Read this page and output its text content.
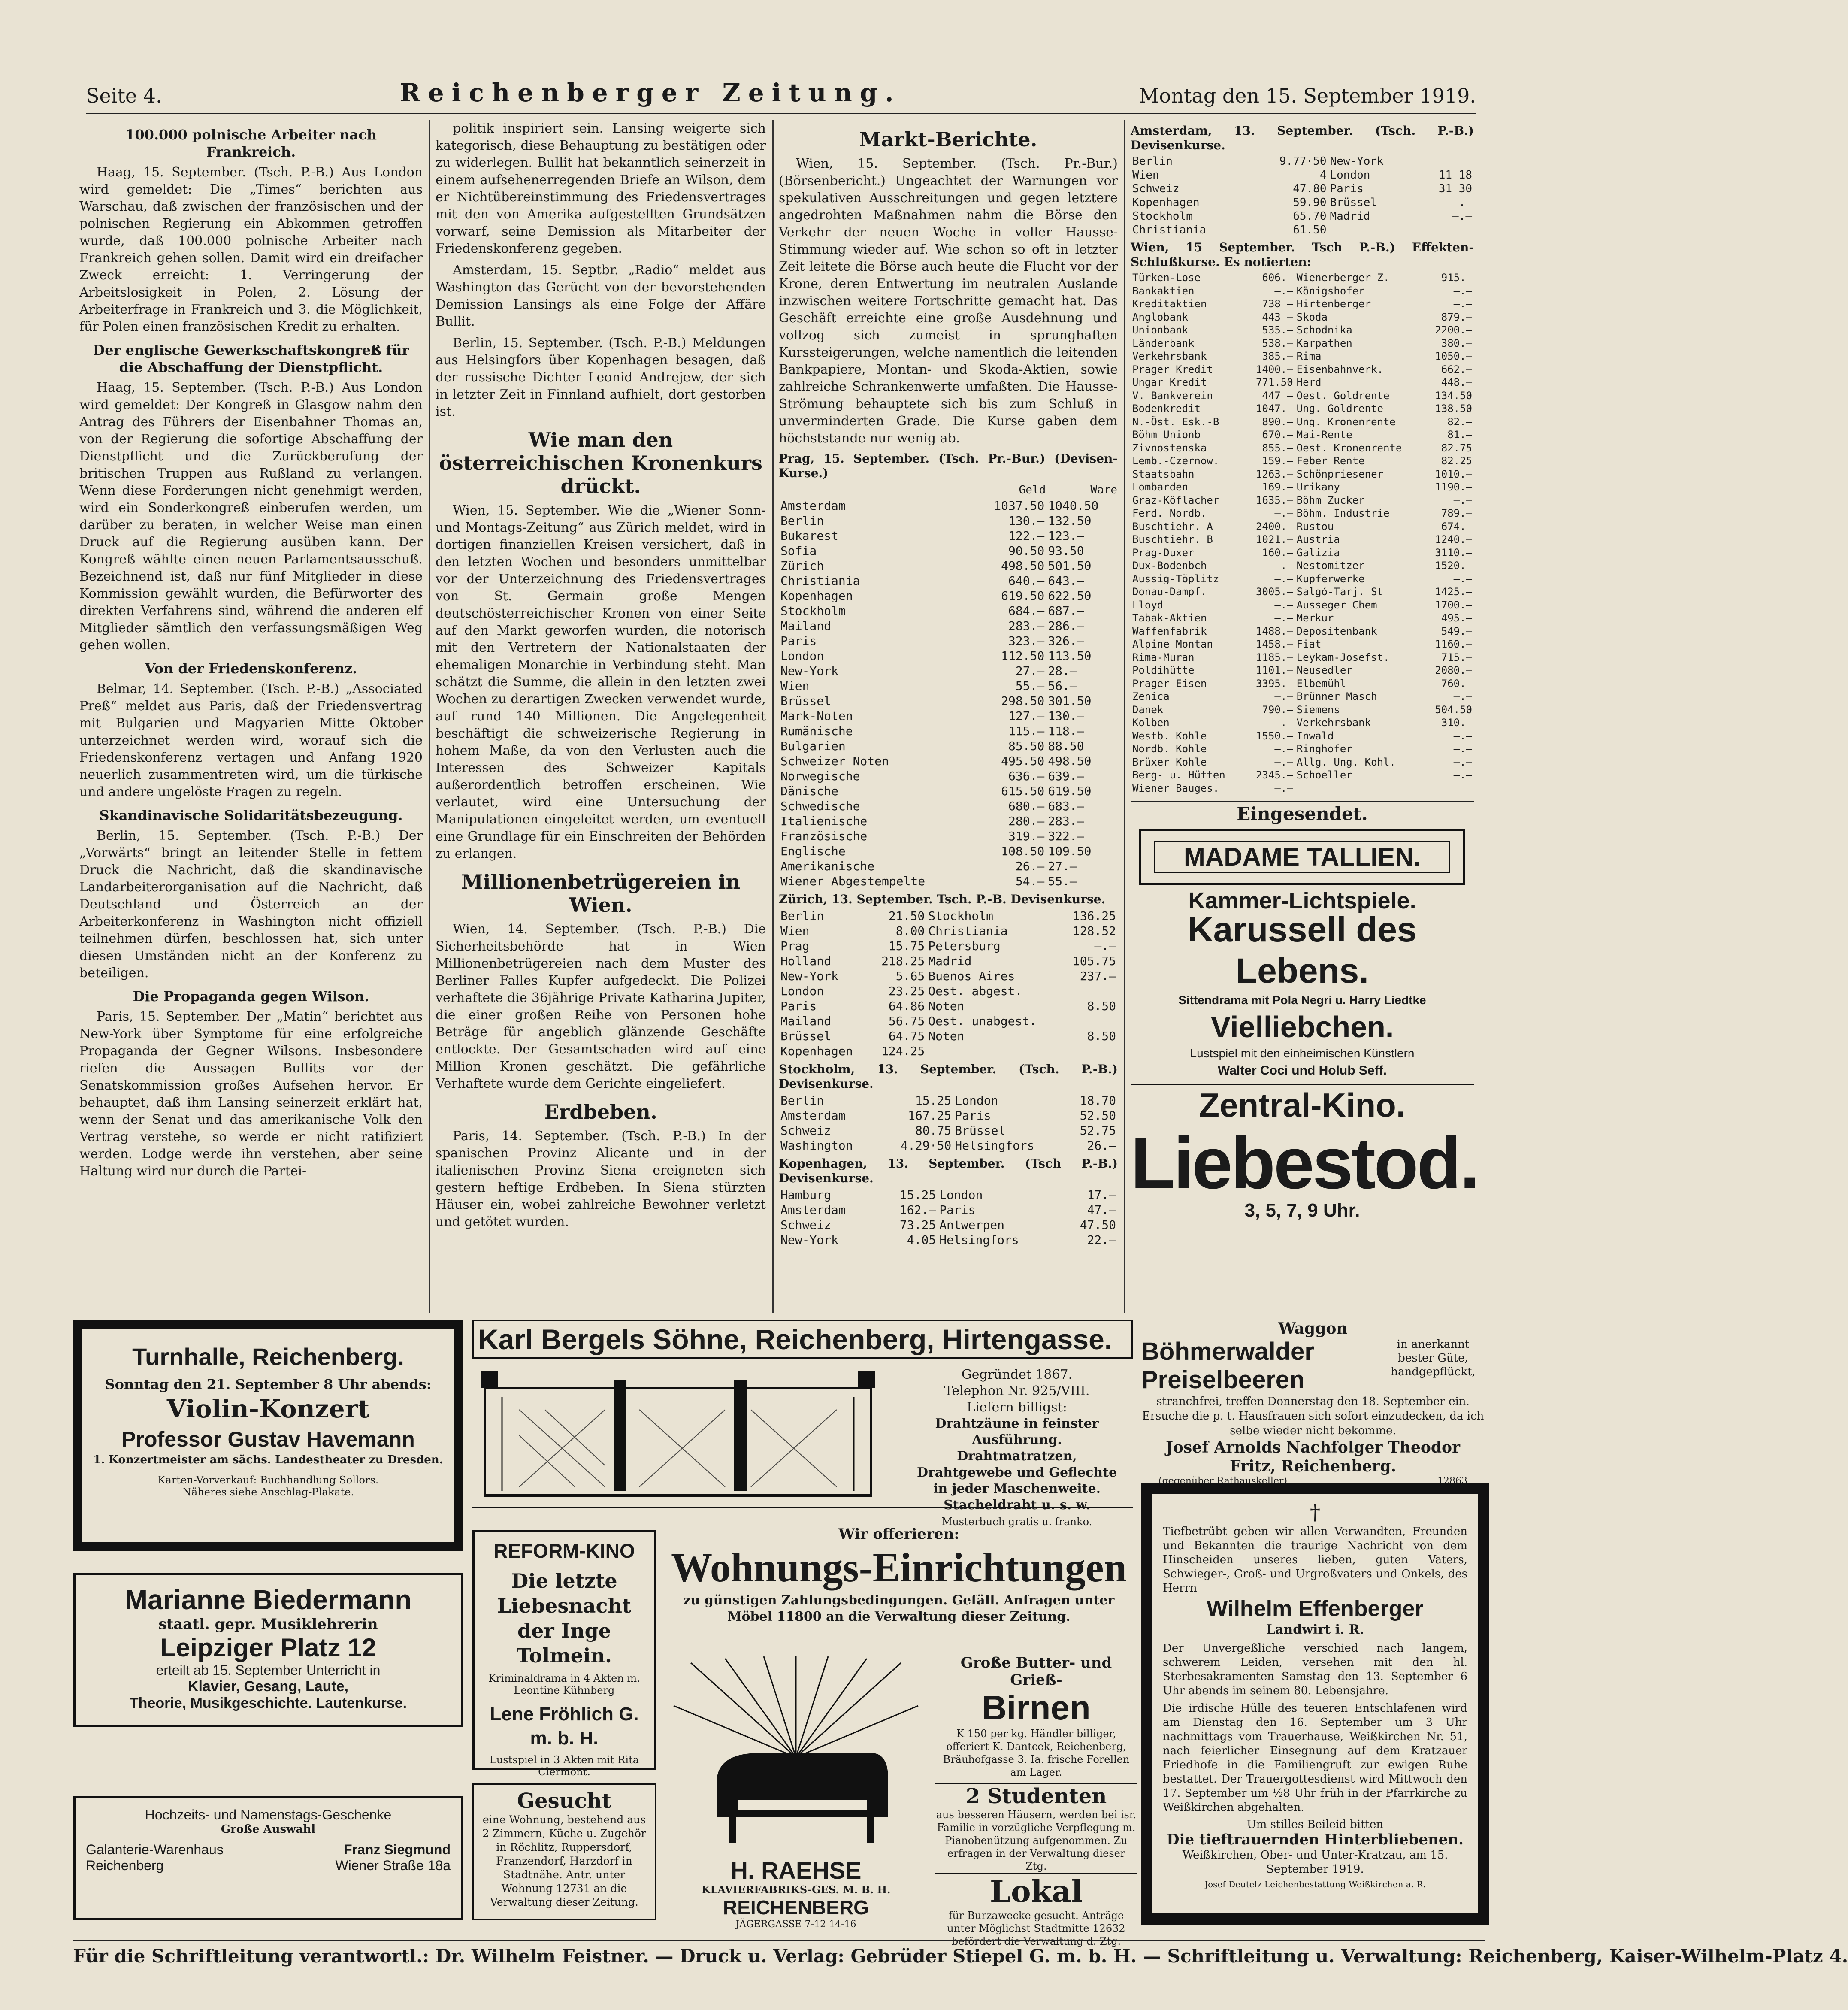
Seite 4.	Reichenberger Zeitung.	Montag den 15. September 1919.
100.000 polnische Arbeiter nach Frankreich.

Haag, 15. September. (Tsch. P.-B.) Aus London wird gemeldet: Die „Times“ berichten aus Warschau, daß zwischen der französischen und der polnischen Regierung ein Abkommen getroffen wurde, daß 100.000 polnische Arbeiter nach Frankreich gehen sollen. Damit wird ein dreifacher Zweck erreicht: 1. Verringerung der Arbeitslosigkeit in Polen, 2. Lösung der Arbeiterfrage in Frankreich und 3. die Möglichkeit, für Polen einen französischen Kredit zu erhalten.

Der englische Gewerkschaftskongreß für die Abschaffung der Dienstpflicht.

Haag, 15. September. (Tsch. P.-B.) Aus London wird gemeldet: Der Kongreß in Glasgow nahm den Antrag des Führers der Eisenbahner Thomas an, von der Regierung die sofortige Abschaffung der Dienstpflicht und die Zurückberufung der britischen Truppen aus Rußland zu verlangen. Wenn diese Forderungen nicht genehmigt werden, wird ein Sonderkongreß einberufen werden, um darüber zu beraten, in welcher Weise man einen Druck auf die Regierung ausüben kann. Der Kongreß wählte einen neuen Parlamentsausschuß. Bezeichnend ist, daß nur fünf Mitglieder in diese Kommission gewählt wurden, die Befürworter des direkten Verfahrens sind, während die anderen elf Mitglieder sämtlich den verfassungsmäßigen Weg gehen wollen.

Von der Friedenskonferenz.

Belmar, 14. September. (Tsch. P.-B.) „Associated Preß“ meldet aus Paris, daß der Friedensvertrag mit Bulgarien und Magyarien Mitte Oktober unterzeichnet werden wird, worauf sich die Friedenskonferenz vertagen und Anfang 1920 neuerlich zusammentreten wird, um die türkische und andere ungelöste Fragen zu regeln.

Skandinavische Solidaritätsbezeugung.

Berlin, 15. September. (Tsch. P.-B.) Der „Vorwärts“ bringt an leitender Stelle in fettem Druck die Nachricht, daß die skandinavische Landarbeiterorganisation auf die Nachricht, daß Deutschland und Österreich an der Arbeiterkonferenz in Washington nicht offiziell teilnehmen dürfen, beschlossen hat, sich unter diesen Umständen nicht an der Konferenz zu beteiligen.

Die Propaganda gegen Wilson.

Paris, 15. September. Der „Matin“ berichtet aus New-York über Symptome für eine erfolgreiche Propaganda der Gegner Wilsons. Insbesondere riefen die Aussagen Bullits vor der Senatskommission großes Aufsehen hervor. Er behauptet, daß ihm Lansing seinerzeit erklärt hat, wenn der Senat und das amerikanische Volk den Vertrag verstehe, so werde er nicht ratifiziert werden. Lodge werde ihn verstehen, aber seine Haltung wird nur durch die Partei-

politik inspiriert sein. Lansing weigerte sich kategorisch, diese Behauptung zu bestätigen oder zu widerlegen. Bullit hat bekanntlich seinerzeit in einem aufsehenerregenden Briefe an Wilson, dem er Nichtübereinstimmung des Friedensvertrages mit den von Amerika aufgestellten Grundsätzen vorwarf, seine Demission als Mitarbeiter der Friedenskonferenz gegeben.

Amsterdam, 15. Septbr. „Radio“ meldet aus Washington das Gerücht von der bevorstehenden Demission Lansings als eine Folge der Affäre Bullit.

Berlin, 15. September. (Tsch. P.-B.) Meldungen aus Helsingfors über Kopenhagen besagen, daß der russische Dichter Leonid Andrejew, der sich in letzter Zeit in Finnland aufhielt, dort gestorben ist.

Wie man den österreichischen Kronenkurs drückt.

Wien, 15. September. Wie die „Wiener Sonn- und Montags-Zeitung“ aus Zürich meldet, wird in dortigen finanziellen Kreisen versichert, daß in den letzten Wochen und besonders unmittelbar vor der Unterzeichnung des Friedensvertrages von St. Germain große Mengen deutschösterreichischer Kronen von einer Seite auf den Markt geworfen wurden, die notorisch mit den Vertretern der Nationalstaaten der ehemaligen Monarchie in Verbindung steht. Man schätzt die Summe, die allein in den letzten zwei Wochen zu derartigen Zwecken verwendet wurde, auf rund 140 Millionen. Die Angelegenheit beschäftigt die schweizerische Regierung in hohem Maße, da von den Verlusten auch die Interessen des Schweizer Kapitals außerordentlich betroffen erscheinen. Wie verlautet, wird eine Untersuchung der Manipulationen eingeleitet werden, um eventuell eine Grundlage für ein Einschreiten der Behörden zu erlangen.

Millionenbetrügereien in Wien.

Wien, 14. September. (Tsch. P.-B.) Die Sicherheitsbehörde hat in Wien Millionenbetrügereien nach dem Muster des Berliner Falles Kupfer aufgedeckt. Die Polizei verhaftete die 36jährige Private Katharina Jupiter, die einer großen Reihe von Personen hohe Beträge für angeblich glänzende Geschäfte entlockte. Der Gesamtschaden wird auf eine Million Kronen geschätzt. Die gefährliche Verhaftete wurde dem Gerichte eingeliefert.

Erdbeben.

Paris, 14. September. (Tsch. P.-B.) In der spanischen Provinz Alicante und in der italienischen Provinz Siena ereigneten sich gestern heftige Erdbeben. In Siena stürzten Häuser ein, wobei zahlreiche Bewohner verletzt und getötet wurden.

Markt-Berichte.

Wien, 15. September. (Tsch. Pr.-Bur.) (Börsenbericht.) Ungeachtet der Warnungen vor spekulativen Ausschreitungen und gegen letztere angedrohten Maßnahmen nahm die Börse den Verkehr der neuen Woche in voller Hausse-Stimmung wieder auf. Wie schon so oft in letzter Zeit leitete die Börse auch heute die Flucht vor der Krone, deren Entwertung im neutralen Auslande inzwischen weitere Fortschritte gemacht hat. Das Geschäft erreichte eine große Ausdehnung und vollzog sich zumeist in sprunghaften Kurssteigerungen, welche namentlich die leitenden Bankpapiere, Montan- und Skoda-Aktien, sowie zahlreiche Schrankenwerte umfaßten. Die Hausse-Strömung behauptete sich bis zum Schluß in unverminderten Grade. Die Kurse gaben dem höchststande nur wenig ab.

Prag, 15. September. (Tsch. Pr.-Bur.) (Devisen-Kurse.)
	Geld	Ware
Amsterdam	1037.50	1040.50
Berlin	130.—	132.50
Bukarest	122.—	123.—
Sofia	90.50	93.50
Zürich	498.50	501.50
Christiania	640.—	643.—
Kopenhagen	619.50	622.50
Stockholm	684.—	687.—
Mailand	283.—	286.—
Paris	323.—	326.—
London	112.50	113.50
New-York	27.—	28.—
Wien	55.—	56.—
Brüssel	298.50	301.50
Mark-Noten	127.—	130.—
Rumänische	115.—	118.—
Bulgarien	85.50	88.50
Schweizer Noten	495.50	498.50
Norwegische	636.—	639.—
Dänische	615.50	619.50
Schwedische	680.—	683.—
Italienische	280.—	283.—
Französische	319.—	322.—
Englische	108.50	109.50
Amerikanische	26.—	27.—
Wiener Abgestempelte	54.—	55.—
Zürich, 13. September. Tsch. P.-B. Devisenkurse.
Berlin	21.50	Stockholm	136.25
Wien	8.00	Christiania	128.52
Prag	15.75	Petersburg	—.—
Holland	218.25	Madrid	105.75
New-York	5.65	Buenos Aires	237.—
London	23.25	Oest. abgest.	
Paris	64.86	Noten	8.50
Mailand	56.75	Oest. unabgest.	
Brüssel	64.75	Noten	8.50
Kopenhagen	124.25		
Stockholm, 13. September. (Tsch. P.-B.) Devisenkurse.
Berlin	15.25	London	18.70
Amsterdam	167.25	Paris	52.50
Schweiz	80.75	Brüssel	52.75
Washington	4.29·50	Helsingfors	26.—
Kopenhagen, 13. September. (Tsch P.-B.) Devisenkurse.
Hamburg	15.25	London	17.—
Amsterdam	162.—	Paris	47.—
Schweiz	73.25	Antwerpen	47.50
New-York	4.05	Helsingfors	22.—
Amsterdam, 13. September. (Tsch. P.-B.) Devisenkurse.
Berlin	9.77·50	New-York	
Wien	4	London	11 18
Schweiz	47.80	Paris	31 30
Kopenhagen	59.90	Brüssel	—.—
Stockholm	65.70	Madrid	—.—
Christiania	61.50		
Wien, 15 September. Tsch P.-B.) Effekten-Schlußkurse. Es notierten:
Türken-Lose	606.—	Wienerberger Z.	915.—
Bankaktien	—.—	Königshofer	—.—
Kreditaktien	738 —	Hirtenberger	—.—
Anglobank	443 —	Skoda	879.—
Unionbank	535.—	Schodnika	2200.—
Länderbank	538.—	Karpathen	380.—
Verkehrsbank	385.—	Rima	1050.—
Prager Kredit	1400.—	Eisenbahnverk.	662.—
Ungar Kredit	771.50	Herd	448.—
V. Bankverein	447 —	Oest. Goldrente	134.50
Bodenkredit	1047.—	Ung. Goldrente	138.50
N.-Öst. Esk.-B	890.—	Ung. Kronenrente	82.—
Böhm Unionb	670.—	Mai-Rente	81.—
Zivnostenska	855.—	Oest. Kronenrente	82.75
Lemb.-Czernow.	159.—	Feber Rente	82.25
Staatsbahn	1263.—	Schönpriesener	1010.—
Lombarden	169.—	Urikany	1190.—
Graz-Köflacher	1635.—	Böhm Zucker	—.—
Ferd. Nordb.	—.—	Böhm. Industrie	789.—
Buschtiehr. A	2400.—	Rustou	674.—
Buschtiehr. B	1021.—	Austria	1240.—
Prag-Duxer	160.—	Galizia	3110.—
Dux-Bodenbch	—.—	Nestomitzer	1520.—
Aussig-Töplitz	—.—	Kupferwerke	—.—
Donau-Dampf.	3005.—	Salgó-Tarj. St	1425.—
Lloyd	—.—	Ausseger Chem	1700.—
Tabak-Aktien	—.—	Merkur	495.—
Waffenfabrik	1488.—	Depositenbank	549.—
Alpine Montan	1458.—	Fiat	1160.—
Rima-Muran	1185.—	Leykam-Josefst.	715.—
Poldihütte	1101.—	Neusedler	2080.—
Prager Eisen	3395.—	Elbemühl	760.—
Zenica	—.—	Brünner Masch	—.—
Danek	790.—	Siemens	504.50
Kolben	—.—	Verkehrsbank	310.—
Westb. Kohle	1550.—	Inwald	—.—
Nordb. Kohle	—.—	Ringhofer	—.—
Brüxer Kohle	—.—	Allg. Ung. Kohl.	—.—
Berg- u. Hütten	2345.—	Schoeller	—.—
Wiener Bauges.	—.—		
Eingesendet.
MADAME TALLIEN.
Kammer-Lichtspiele.
Karussell des Lebens.
Sittendrama mit Pola Negri u. Harry Liedtke
Vielliebchen.
Lustspiel mit den einheimischen Künstlern
Walter Coci und Holub Seff.
Zentral-Kino.
Liebestod.
3, 5, 7, 9 Uhr.
Turnhalle, Reichenberg.
Sonntag den 21. September 8 Uhr abends:
Violin-Konzert
Professor Gustav Havemann
1. Konzertmeister am sächs. Landestheater zu Dresden.
Karten-Vorverkauf: Buchhandlung Sollors.
Näheres siehe Anschlag-Plakate.
Marianne Biedermann
staatl. gepr. Musiklehrerin
Leipziger Platz 12
erteilt ab 15. September Unterricht in
Klavier, Gesang, Laute,
Theorie, Musikgeschichte. Lautenkurse.
Hochzeits- und Namenstags-Geschenke
Große Auswahl
Galanterie-Warenhaus
Reichenberg
Franz Siegmund
Wiener Straße 18a
Karl Bergels Söhne, Reichenberg, Hirtengasse.
Gegründet 1867.
Telephon Nr. 925/VIII.
Liefern billigst:
Drahtzäune in feinster Ausführung.
Drahtmatratzen, Drahtgewebe und Geflechte in jeder Maschenweite.
Stacheldraht u. s. w.
Musterbuch gratis u. franko.
REFORM-KINO
Die letzte Liebesnacht der Inge Tolmein.
Kriminaldrama in 4 Akten m. Leontine Kühnberg
Lene Fröhlich G. m. b. H.
Lustspiel in 3 Akten mit Rita Clermont.
Gesucht
eine Wohnung, bestehend aus 2 Zimmern, Küche u. Zugehör in Röchlitz, Ruppersdorf, Franzendorf, Harzdorf in Stadtnähe. Antr. unter Wohnung 12731 an die Verwaltung dieser Zeitung.
Wir offerieren:
Wohnungs-Einrichtungen
zu günstigen Zahlungsbedingungen. Gefäll. Anfragen unter Möbel 11800 an die Verwaltung dieser Zeitung.
H. RAEHSE
KLAVIERFABRIKS-GES. M. B. H.
REICHENBERG
JÄGERGASSE 7-12 14-16
Große Butter- und Grieß-
Birnen
K 150 per kg. Händler billiger, offeriert K. Dantcek, Reichenberg, Bräuhofgasse 3. Ia. frische Forellen am Lager.
2 Studenten
aus besseren Häusern, werden bei isr. Familie in vorzügliche Verpflegung m. Pianobenützung aufgenommen. Zu erfragen in der Verwaltung dieser Ztg.
Lokal
für Burzawecke gesucht. Anträge unter Möglichst Stadtmitte 12632 befördert die Verwaltung d. Ztg.
Waggon
Böhmerwalder Preiselbeeren
in anerkannt bester Güte, handgepflückt,
stranchfrei, treffen Donnerstag den 18. September ein. Ersuche die p. t. Hausfrauen sich sofort einzudecken, da ich selbe wieder nicht bekomme.
Josef Arnolds Nachfolger Theodor Fritz, Reichenberg.
(gegenüber Rathauskeller)	12863
†
Tiefbetrübt geben wir allen Verwandten, Freunden und Bekannten die traurige Nachricht von dem Hinscheiden unseres lieben, guten Vaters, Schwieger-, Groß- und Urgroßvaters und Onkels, des Herrn
Wilhelm Effenberger
Landwirt i. R.
Der Unvergeßliche verschied nach langem, schwerem Leiden, versehen mit den hl. Sterbesakramenten Samstag den 13. September 6 Uhr abends im seinem 80. Lebensjahre.
Die irdische Hülle des teueren Entschlafenen wird am Dienstag den 16. September um 3 Uhr nachmittags vom Trauerhause, Weißkirchen Nr. 51, nach feierlicher Einsegnung auf dem Kratzauer Friedhofe in die Familiengruft zur ewigen Ruhe bestattet. Der Trauergottesdienst wird Mittwoch den 17. September um ½8 Uhr früh in der Pfarrkirche zu Weißkirchen abgehalten.
Um stilles Beileid bitten
Die tieftrauernden Hinterbliebenen.
Weißkirchen, Ober- und Unter-Kratzau, am 15. September 1919.
Josef Deutelz Leichenbestattung Weißkirchen a. R.
Für die Schriftleitung verantwortl.: Dr. Wilhelm Feistner. — Druck u. Verlag: Gebrüder Stiepel G. m. b. H. — Schriftleitung u. Verwaltung: Reichenberg, Kaiser-Wilhelm-Platz 4.
